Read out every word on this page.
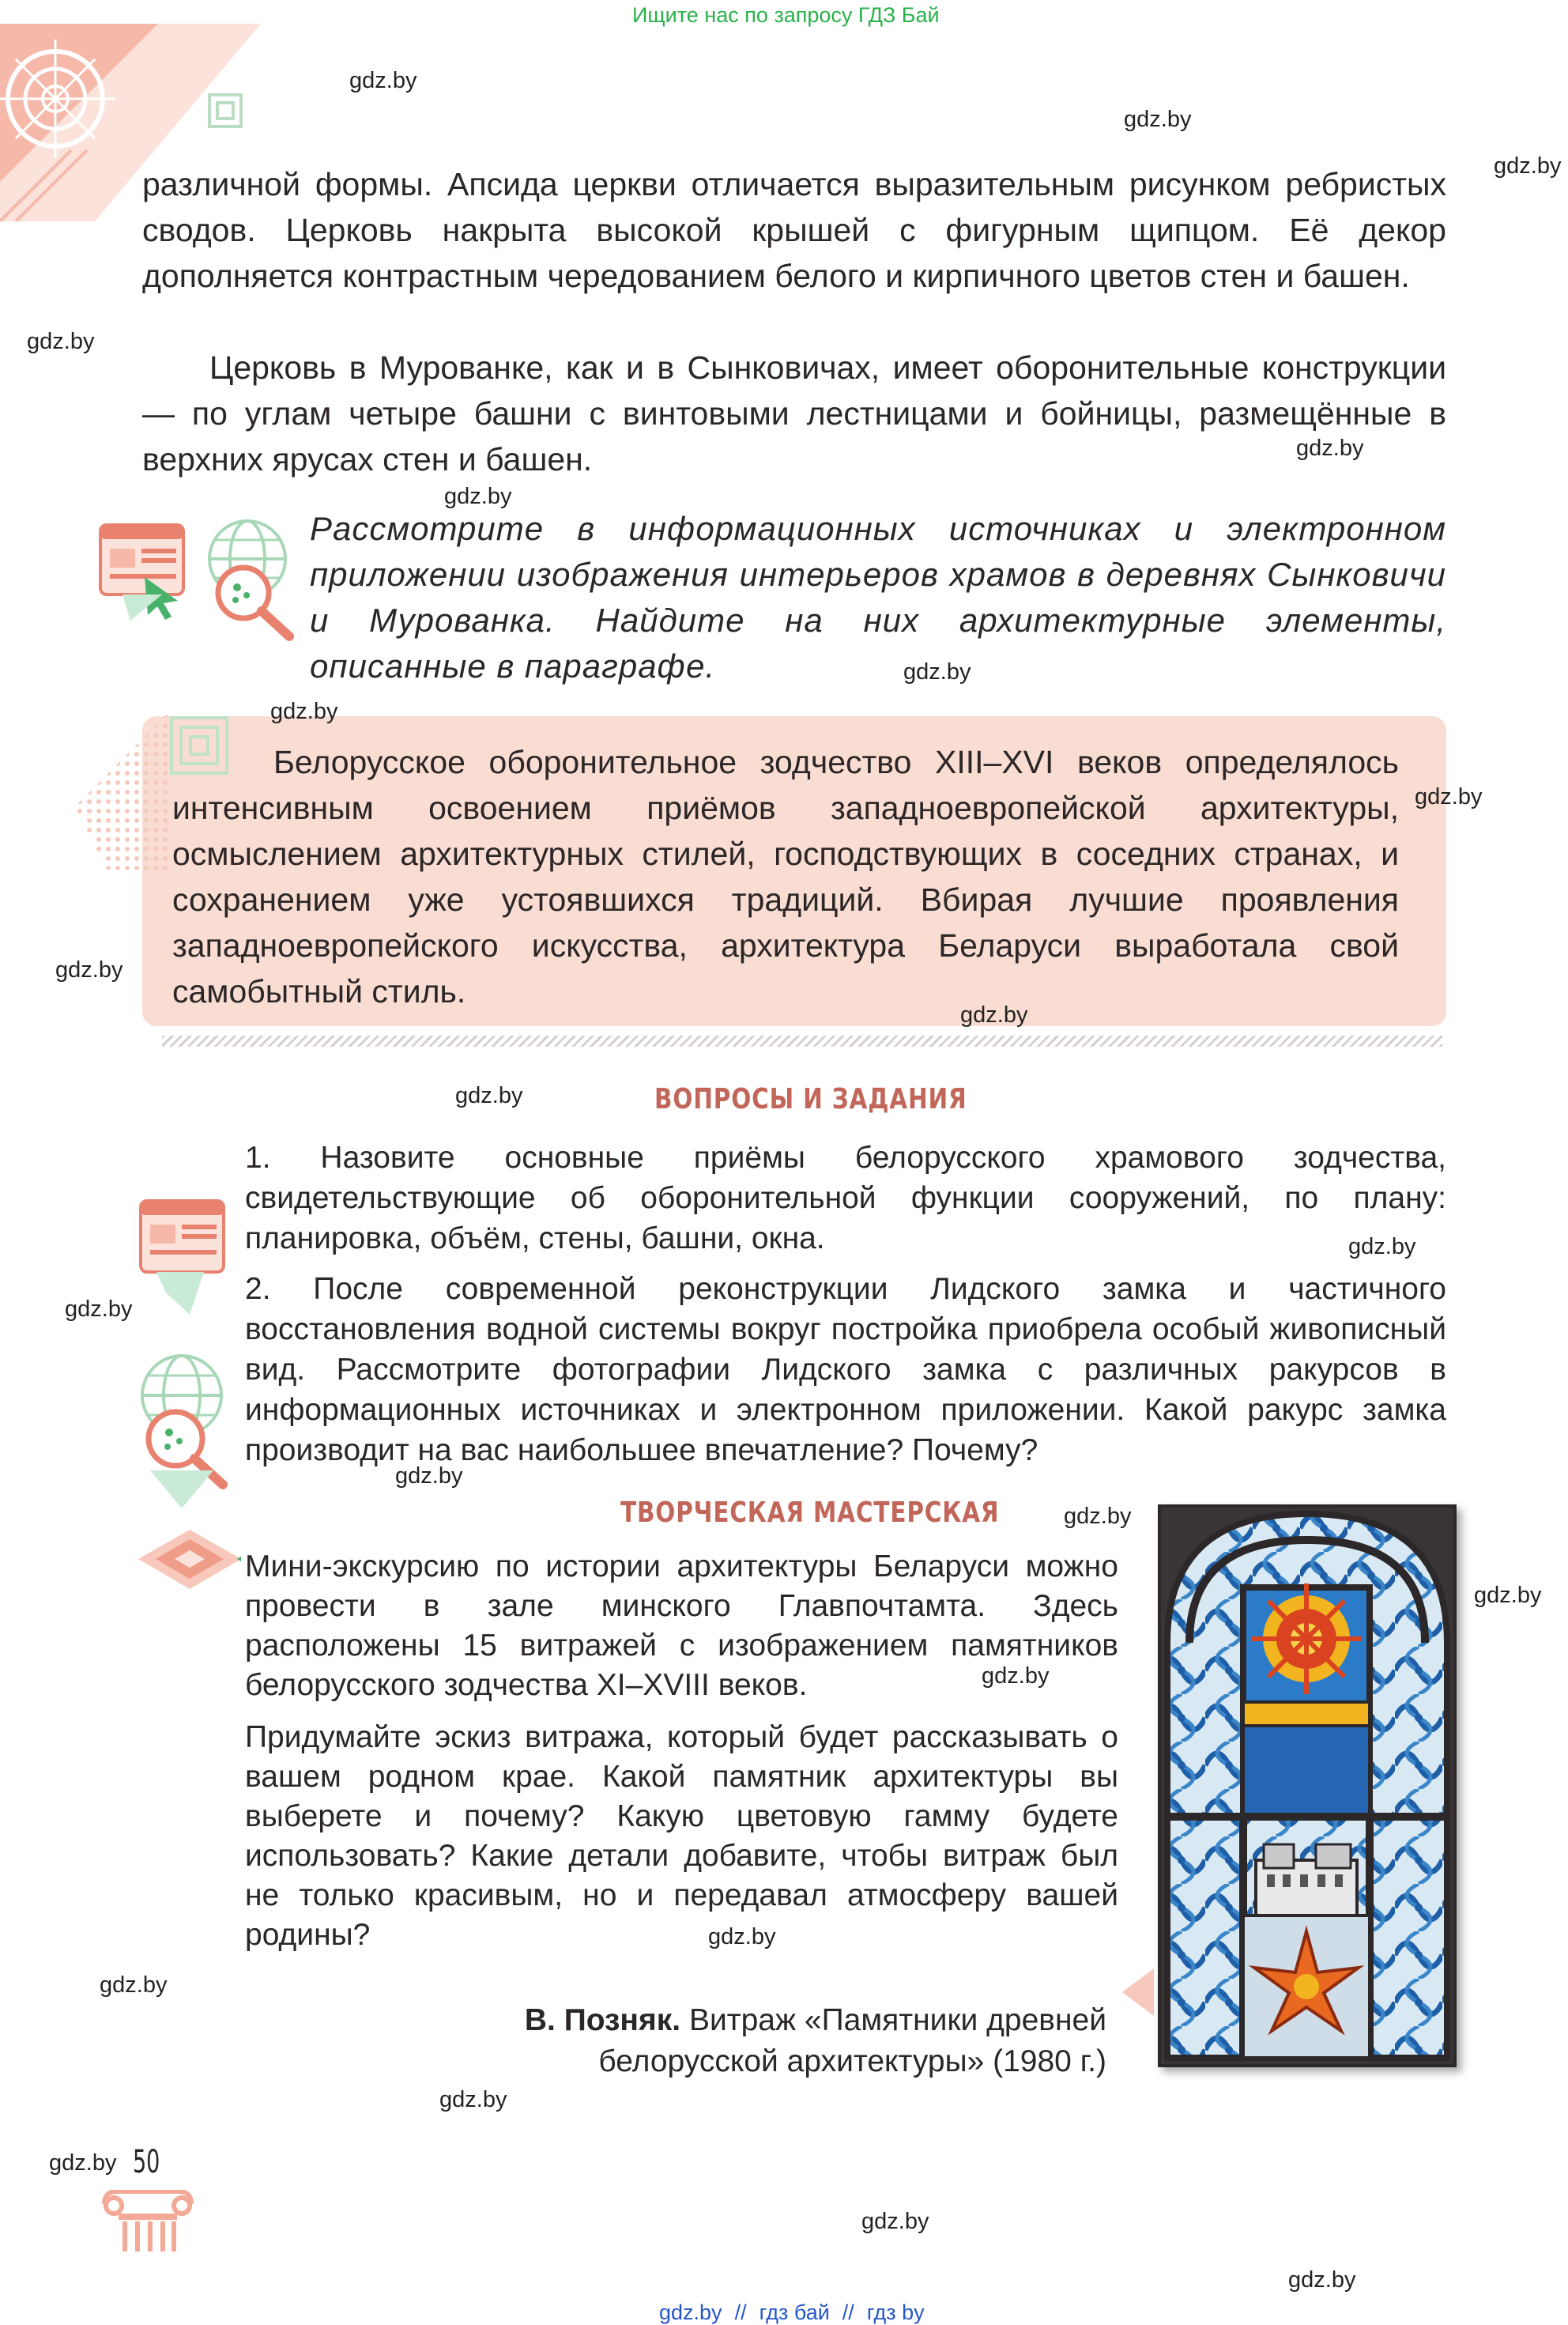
Ищите нас по запросу ГДЗ Бай
различной формы. Апсида церкви отличается выразительным рисунком ребристых сводов. Церковь накрыта высокой крышей с фигурным щипцом. Её декор дополняется контрастным чередованием белого и кирпичного цветов стен и башен.
Церковь в Мурованке, как и в Сынковичах, имеет оборонительные конструкции — по углам четыре башни с винтовыми лестницами и бойницы, размещённые в верхних ярусах стен и башен.
Рассмотрите в информационных источниках и электронном приложении изображения интерьеров храмов в деревнях Сынковичи и Мурованка. Найдите на них архитектурные элементы, описанные в параграфе.
Белорусское оборонительное зодчество XIII–XVI веков определялось интенсивным освоением приёмов западноевропейской архитектуры, осмыслением архитектурных стилей, господствующих в соседних странах, и сохранением уже устоявшихся традиций. Вбирая лучшие проявления западноевропейского искусства, архитектура Беларуси выработала свой самобытный стиль.
ВОПРОСЫ И ЗАДАНИЯ
1. Назовите основные приёмы белорусского храмового зодчества, свидетельствующие об оборонительной функции сооружений, по плану: планировка, объём, стены, башни, окна.
2. После современной реконструкции Лидского замка и частичного восстановления водной системы вокруг постройка приобрела особый живописный вид. Рассмотрите фотографии Лидского замка с различных ракурсов в информационных источниках и электронном приложении. Какой ракурс замка производит на вас наибольшее впечатление? Почему?
ТВОРЧЕСКАЯ МАСТЕРСКАЯ
Мини-экскурсию по истории архитектуры Беларуси можно провести в зале минского Главпочтамта. Здесь расположены 15 витражей с изображением памятников белорусского зодчества XI–XVIII веков.
Придумайте эскиз витража, который будет рассказывать о вашем родном крае. Какой памятник архитектуры вы выберете и почему? Какую цветовую гамму будете использовать? Какие детали добавите, чтобы витраж был не только красивым, но и передавал атмосферу вашей родины?
В. Позняк. Витраж «Памятники древней
белорусской архитектуры» (1980 г.)
50
gdz.by
gdz.by
gdz.by
gdz.by
gdz.by
gdz.by
gdz.by
gdz.by
gdz.by
gdz.by
gdz.by
gdz.by
gdz.by
gdz.by
gdz.by
gdz.by
gdz.by
gdz.by
gdz.by
gdz.by
gdz.by
gdz.by
gdz.by
gdz.by
gdz.by // гдз бай // гдз by
